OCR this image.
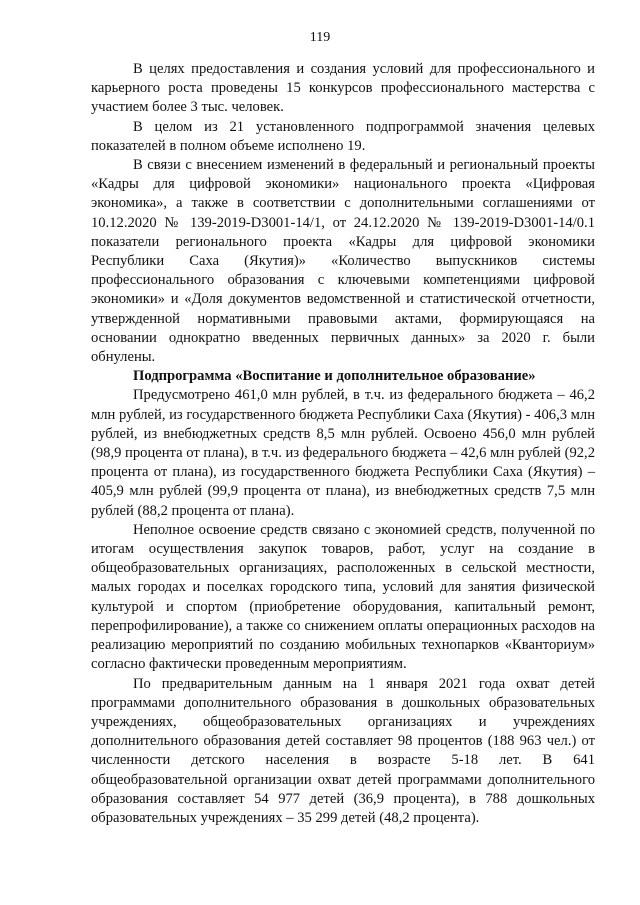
119

В целях предоставления и создания условий для профессионального и карьерного роста проведены 15 конкурсов профессионального мастерства с участием более 3 тыс. человек.

В целом из 21 установленного подпрограммой значения целевых показателей в полном объеме исполнено 19.

В связи с внесением изменений в федеральный и региональный проекты «Кадры для цифровой экономики» национального проекта «Цифровая экономика», а также в соответствии с дополнительными соглашениями от 10.12.2020 № 139-2019-D3001-14/1, от 24.12.2020 № 139-2019-D3001-14/0.1 показатели регионального проекта «Кадры для цифровой экономики Республики Саха (Якутия)» «Количество выпускников системы профессионального образования с ключевыми компетенциями цифровой экономики» и «Доля документов ведомственной и статистической отчетности, утвержденной нормативными правовыми актами, формирующаяся на основании однократно введенных первичных данных» за 2020 г. были обнулены.

Подпрограмма «Воспитание и дополнительное образование»

Предусмотрено 461,0 млн рублей, в т.ч. из федерального бюджета – 46,2 млн рублей, из государственного бюджета Республики Саха (Якутия) - 406,3 млн рублей, из внебюджетных средств 8,5 млн рублей. Освоено 456,0 млн рублей (98,9 процента от плана), в т.ч. из федерального бюджета – 42,6 млн рублей (92,2 процента от плана), из государственного бюджета Республики Саха (Якутия) – 405,9 млн рублей (99,9 процента от плана), из внебюджетных средств 7,5 млн рублей (88,2 процента от плана).

Неполное освоение средств связано с экономией средств, полученной по итогам осуществления закупок товаров, работ, услуг на создание в общеобразовательных организациях, расположенных в сельской местности, малых городах и поселках городского типа, условий для занятия физической культурой и спортом (приобретение оборудования, капитальный ремонт, перепрофилирование), а также со снижением оплаты операционных расходов на реализацию мероприятий по созданию мобильных технопарков «Кванториум» согласно фактически проведенным мероприятиям.

По предварительным данным на 1 января 2021 года охват детей программами дополнительного образования в дошкольных образовательных учреждениях, общеобразовательных организациях и учреждениях дополнительного образования детей составляет 98 процентов (188 963 чел.) от численности детского населения в возрасте 5-18 лет. В 641 общеобразовательной организации охват детей программами дополнительного образования составляет 54 977 детей (36,9 процента), в 788 дошкольных образовательных учреждениях – 35 299 детей (48,2 процента).
